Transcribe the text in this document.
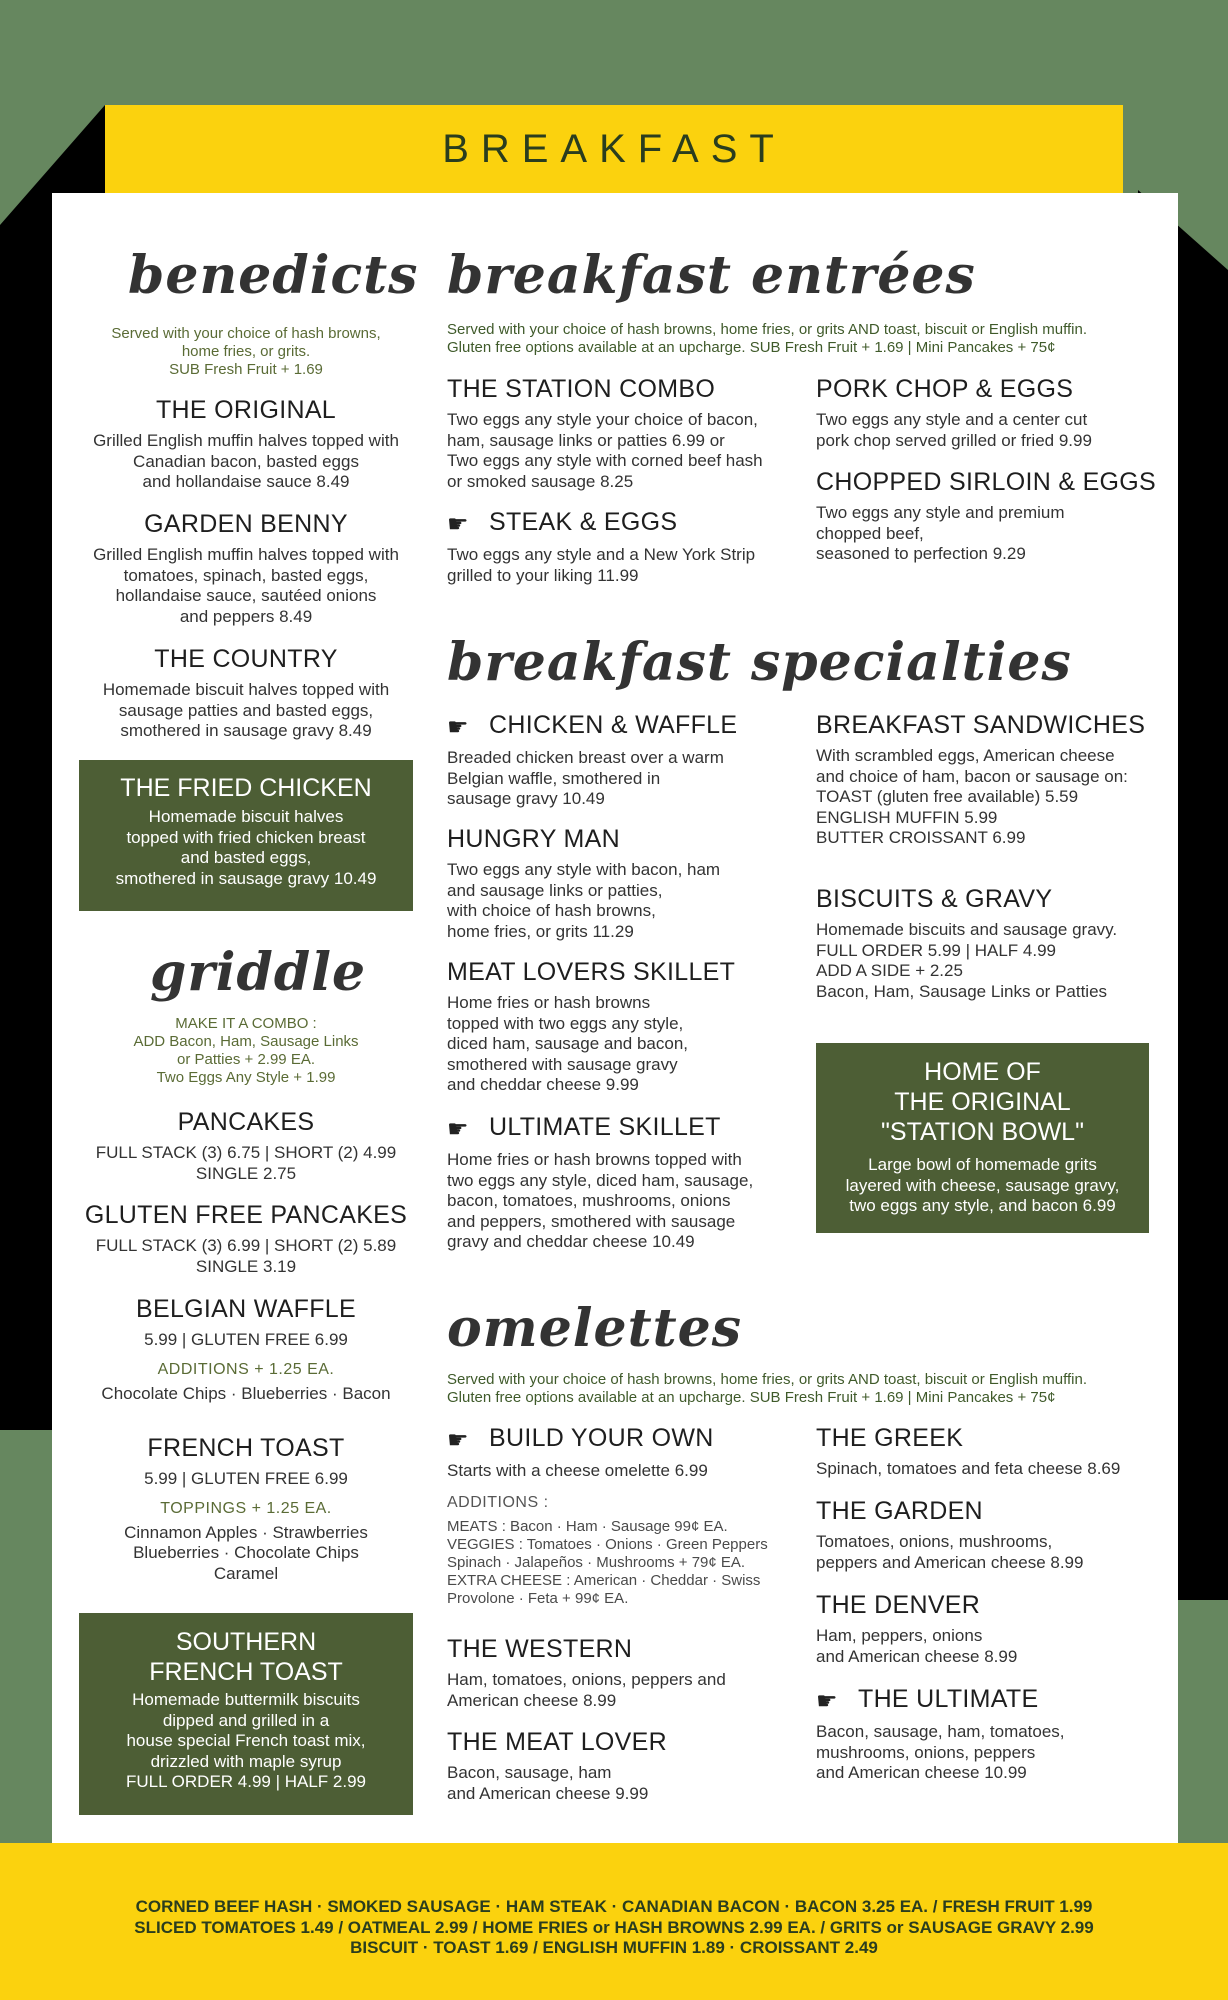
BREAKFAST
benedicts
Served with your choice of hash browns,
home fries, or grits.
SUB Fresh Fruit + 1.69
THE ORIGINAL
Grilled English muffin halves topped with
Canadian bacon, basted eggs
and hollandaise sauce 8.49
GARDEN BENNY
Grilled English muffin halves topped with
tomatoes, spinach, basted eggs,
hollandaise sauce, sautéed onions
and peppers 8.49
THE COUNTRY
Homemade biscuit halves topped with
sausage patties and basted eggs,
smothered in sausage gravy 8.49
THE FRIED CHICKEN
Homemade biscuit halves
topped with fried chicken breast
and basted eggs,
smothered in sausage gravy 10.49
griddle
MAKE IT A COMBO :
ADD Bacon, Ham, Sausage Links
or Patties + 2.99 EA.
Two Eggs Any Style + 1.99
PANCAKES
FULL STACK (3) 6.75 | SHORT (2) 4.99
SINGLE 2.75
GLUTEN FREE PANCAKES
FULL STACK (3) 6.99 | SHORT (2) 5.89
SINGLE 3.19
BELGIAN WAFFLE
5.99 | GLUTEN FREE 6.99
ADDITIONS + 1.25 EA.
Chocolate Chips · Blueberries · Bacon
FRENCH TOAST
5.99 | GLUTEN FREE 6.99
TOPPINGS + 1.25 EA.
Cinnamon Apples · Strawberries
Blueberries · Chocolate Chips
Caramel
SOUTHERN
FRENCH TOAST
Homemade buttermilk biscuits
dipped and grilled in a
house special French toast mix,
drizzled with maple syrup
FULL ORDER 4.99 | HALF 2.99
breakfast entrées
Served with your choice of hash browns, home fries, or grits AND toast, biscuit or English muffin.
Gluten free options available at an upcharge. SUB Fresh Fruit + 1.69 | Mini Pancakes + 75¢
THE STATION COMBO
Two eggs any style your choice of bacon,
ham, sausage links or patties 6.99 or
Two eggs any style with corned beef hash
or smoked sausage 8.25
☛ STEAK & EGGS
Two eggs any style and a New York Strip
grilled to your liking 11.99
PORK CHOP & EGGS
Two eggs any style and a center cut
pork chop served grilled or fried 9.99
CHOPPED SIRLOIN & EGGS
Two eggs any style and premium
chopped beef,
seasoned to perfection 9.29
breakfast specialties
☛ CHICKEN & WAFFLE
Breaded chicken breast over a warm
Belgian waffle, smothered in
sausage gravy 10.49
HUNGRY MAN
Two eggs any style with bacon, ham
and sausage links or patties,
with choice of hash browns,
home fries, or grits 11.29
MEAT LOVERS SKILLET
Home fries or hash browns
topped with two eggs any style,
diced ham, sausage and bacon,
smothered with sausage gravy
and cheddar cheese 9.99
☛ ULTIMATE SKILLET
Home fries or hash browns topped with
two eggs any style, diced ham, sausage,
bacon, tomatoes, mushrooms, onions
and peppers, smothered with sausage
gravy and cheddar cheese 10.49
BREAKFAST SANDWICHES
With scrambled eggs, American cheese
and choice of ham, bacon or sausage on:
TOAST (gluten free available) 5.59
ENGLISH MUFFIN 5.99
BUTTER CROISSANT 6.99
BISCUITS & GRAVY
Homemade biscuits and sausage gravy.
FULL ORDER 5.99 | HALF 4.99
ADD A SIDE + 2.25
Bacon, Ham, Sausage Links or Patties
HOME OF
THE ORIGINAL
"STATION BOWL"
Large bowl of homemade grits
layered with cheese, sausage gravy,
two eggs any style, and bacon 6.99
omelettes
Served with your choice of hash browns, home fries, or grits AND toast, biscuit or English muffin.
Gluten free options available at an upcharge. SUB Fresh Fruit + 1.69 | Mini Pancakes + 75¢
☛ BUILD YOUR OWN
Starts with a cheese omelette 6.99
ADDITIONS :
MEATS : Bacon · Ham · Sausage 99¢ EA.
VEGGIES : Tomatoes · Onions · Green Peppers
Spinach · Jalapeños · Mushrooms + 79¢ EA.
EXTRA CHEESE : American · Cheddar · Swiss
Provolone · Feta + 99¢ EA.
THE WESTERN
Ham, tomatoes, onions, peppers and
American cheese 8.99
THE MEAT LOVER
Bacon, sausage, ham
and American cheese 9.99
THE GREEK
Spinach, tomatoes and feta cheese 8.69
THE GARDEN
Tomatoes, onions, mushrooms,
peppers and American cheese 8.99
THE DENVER
Ham, peppers, onions
and American cheese 8.99
☛ THE ULTIMATE
Bacon, sausage, ham, tomatoes,
mushrooms, onions, peppers
and American cheese 10.99
CORNED BEEF HASH · SMOKED SAUSAGE · HAM STEAK · CANADIAN BACON · BACON 3.25 EA. / FRESH FRUIT 1.99
SLICED TOMATOES 1.49 / OATMEAL 2.99 / HOME FRIES or HASH BROWNS 2.99 EA. / GRITS or SAUSAGE GRAVY 2.99
BISCUIT · TOAST 1.69 / ENGLISH MUFFIN 1.89 · CROISSANT 2.49
